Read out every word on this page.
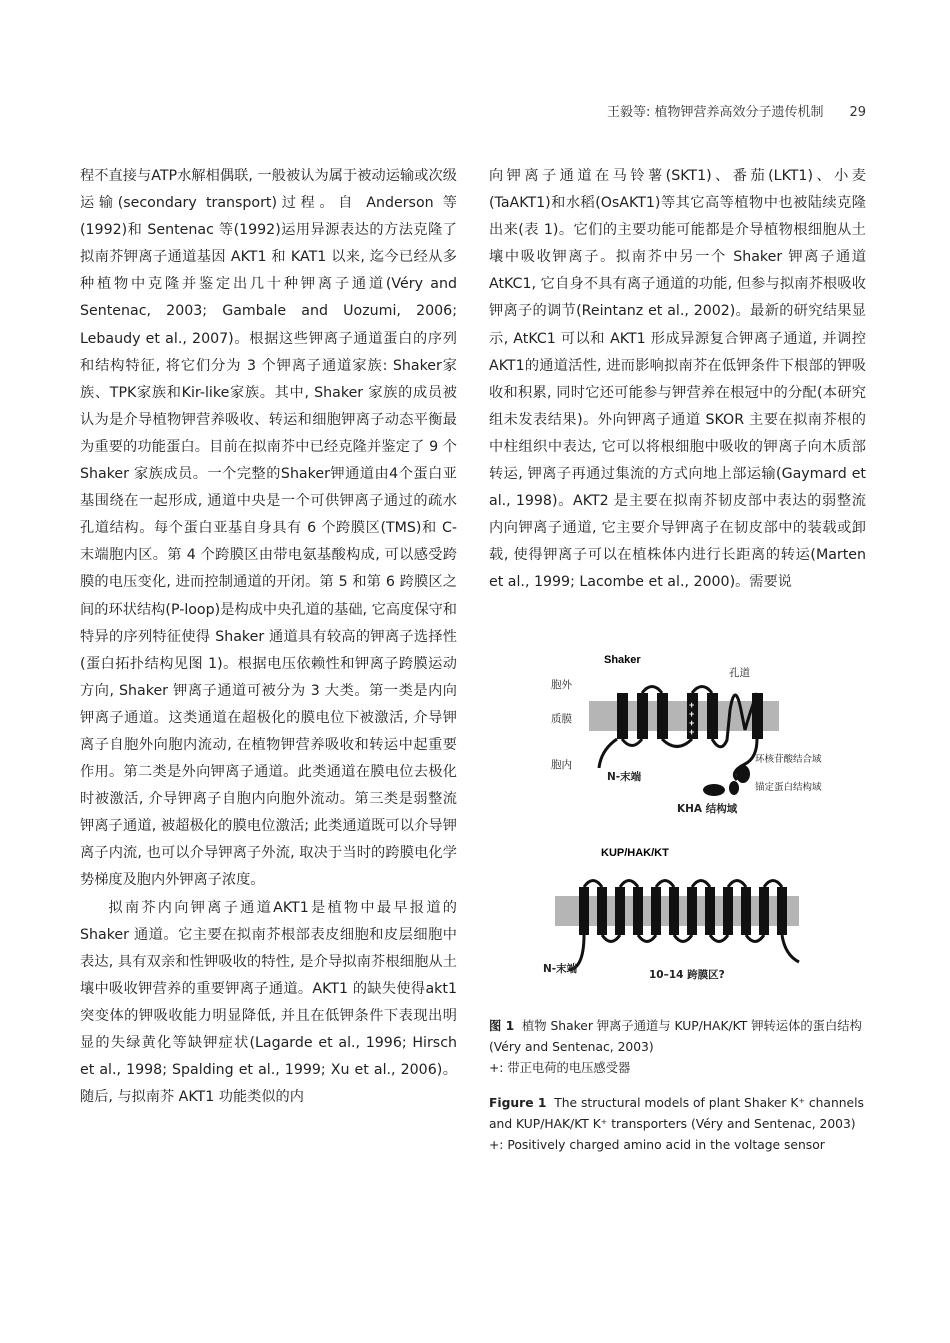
王毅等: 植物钾营养高效分子遗传机制 29

程不直接与ATP水解相偶联, 一般被认为属于被动运输或次级运输(secondary transport)过程。自 Anderson 等(1992)和 Sentenac 等(1992)运用异源表达的方法克隆了拟南芥钾离子通道基因 AKT1 和 KAT1 以来, 迄今已经从多种植物中克隆并鉴定出几十种钾离子通道(Véry and Sentenac, 2003; Gambale and Uozumi, 2006; Lebaudy et al., 2007)。根据这些钾离子通道蛋白的序列和结构特征, 将它们分为 3 个钾离子通道家族: Shaker家族、TPK家族和Kir-like家族。其中, Shaker 家族的成员被认为是介导植物钾营养吸收、转运和细胞钾离子动态平衡最为重要的功能蛋白。目前在拟南芥中已经克隆并鉴定了 9 个 Shaker 家族成员。一个完整的Shaker钾通道由4个蛋白亚基围绕在一起形成, 通道中央是一个可供钾离子通过的疏水孔道结构。每个蛋白亚基自身具有 6 个跨膜区(TMS)和 C- 末端胞内区。第 4 个跨膜区由带电氨基酸构成, 可以感受跨膜的电压变化, 进而控制通道的开闭。第 5 和第 6 跨膜区之间的环状结构(P-loop)是构成中央孔道的基础, 它高度保守和特异的序列特征使得 Shaker 通道具有较高的钾离子选择性(蛋白拓扑结构见图 1)。根据电压依赖性和钾离子跨膜运动方向, Shaker 钾离子通道可被分为 3 大类。第一类是内向钾离子通道。这类通道在超极化的膜电位下被激活, 介导钾离子自胞外向胞内流动, 在植物钾营养吸收和转运中起重要作用。第二类是外向钾离子通道。此类通道在膜电位去极化时被激活, 介导钾离子自胞内向胞外流动。第三类是弱整流钾离子通道, 被超极化的膜电位激活; 此类通道既可以介导钾离子内流, 也可以介导钾离子外流, 取决于当时的跨膜电化学势梯度及胞内外钾离子浓度。

拟南芥内向钾离子通道AKT1是植物中最早报道的 Shaker 通道。它主要在拟南芥根部表皮细胞和皮层细胞中表达, 具有双亲和性钾吸收的特性, 是介导拟南芥根细胞从土壤中吸收钾营养的重要钾离子通道。AKT1 的缺失使得akt1突变体的钾吸收能力明显降低, 并且在低钾条件下表现出明显的失绿黄化等缺钾症状(Lagarde et al., 1996; Hirsch et al., 1998; Spalding et al., 1999; Xu et al., 2006)。随后, 与拟南芥 AKT1 功能类似的内

向钾离子通道在马铃薯(SKT1)、番茄(LKT1)、小麦(TaAKT1)和水稻(OsAKT1)等其它高等植物中也被陆续克隆出来(表 1)。它们的主要功能可能都是介导植物根细胞从土壤中吸收钾离子。拟南芥中另一个 Shaker 钾离子通道 AtKC1, 它自身不具有离子通道的功能, 但参与拟南芥根吸收钾离子的调节(Reintanz et al., 2002)。最新的研究结果显示, AtKC1 可以和 AKT1 形成异源复合钾离子通道, 并调控AKT1的通道活性, 进而影响拟南芥在低钾条件下根部的钾吸收和积累, 同时它还可能参与钾营养在根冠中的分配(本研究组未发表结果)。外向钾离子通道 SKOR 主要在拟南芥根的中柱组织中表达, 它可以将根细胞中吸收的钾离子向木质部转运, 钾离子再通过集流的方式向地上部运输(Gaymard et al., 1998)。AKT2 是主要在拟南芥韧皮部中表达的弱整流内向钾离子通道, 它主要介导钾离子在韧皮部中的装载或卸载, 使得钾离子可以在植株体内进行长距离的转运(Marten et al., 1999; Lacombe et al., 2000)。需要说

Shaker
+
+
+
+
胞外
质膜
胞内
孔道
N-末端
环核苷酸结合域
锚定蛋白结构域
KHA 结构域
KUP/HAK/KT
N-末端	10–14 跨膜区?

图 1 植物 Shaker 钾离子通道与 KUP/HAK/KT 钾转运体的蛋白结构 (Véry and Sentenac, 2003)

+: 带正电荷的电压感受器

Figure 1 The structural models of plant Shaker K⁺ channels and KUP/HAK/KT K⁺ transporters (Véry and Sentenac, 2003)

+: Positively charged amino acid in the voltage sensor
